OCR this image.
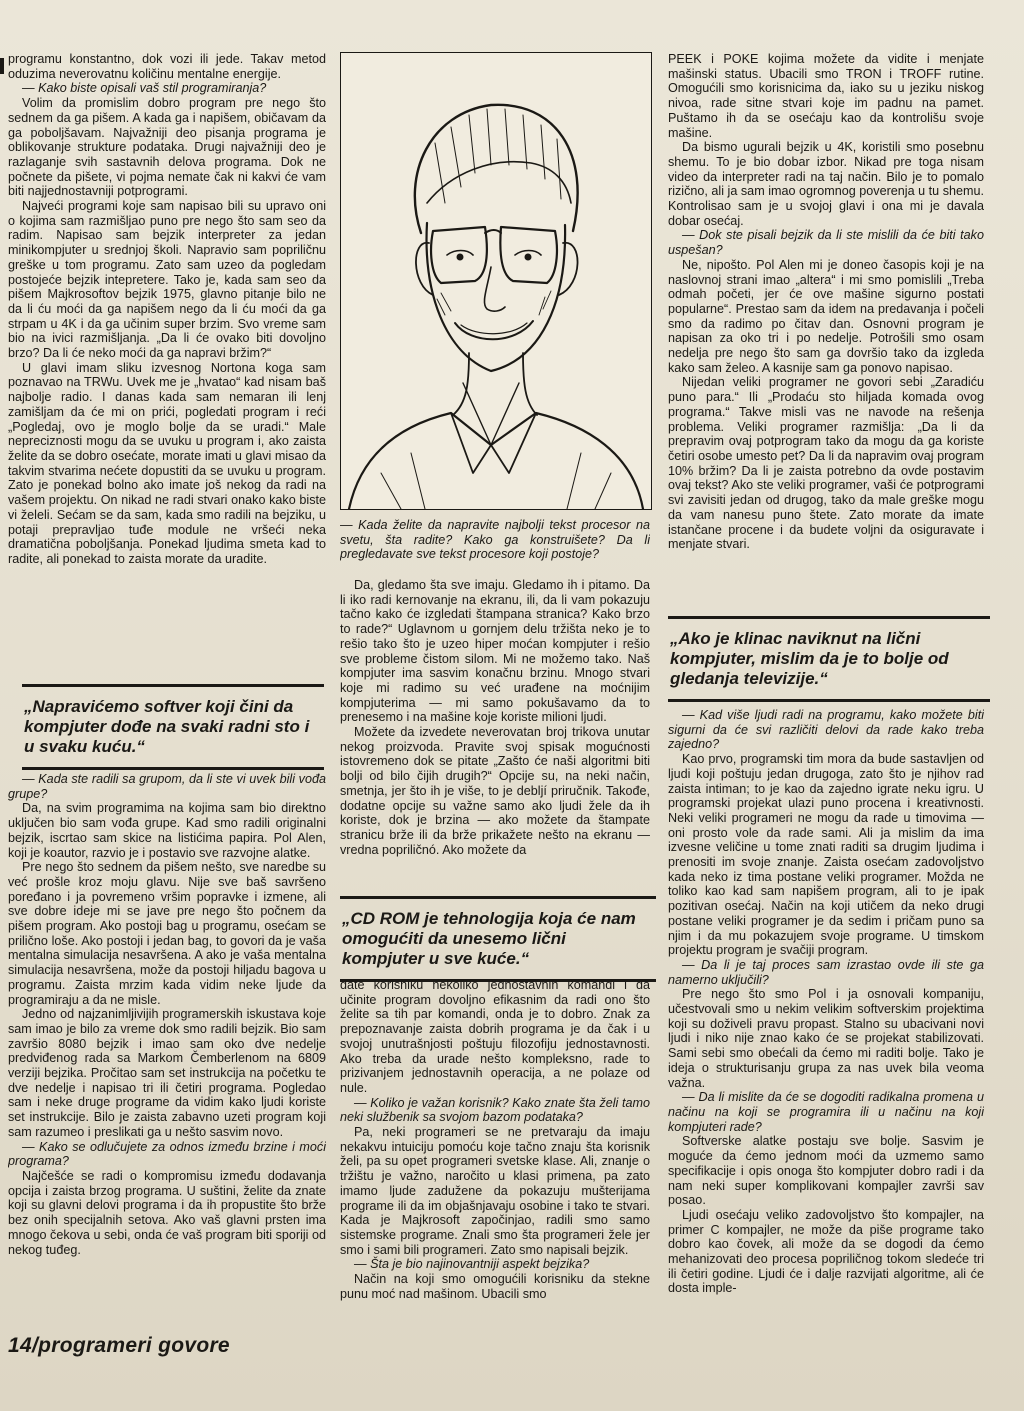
programu konstantno, dok vozi ili jede. Takav metod oduzima neverovatnu količinu mentalne energije.

— Kako biste opisali vaš stil programiranja?

Volim da promislim dobro program pre nego što sednem da ga pišem. A kada ga i napišem, običavam da ga poboljšavam. Najvažniji deo pisanja programa je oblikovanje strukture podataka. Drugi najvažniji deo je razlaganje svih sastavnih delova programa. Dok ne počnete da pišete, vi pojma nemate čak ni kakvi će vam biti najjednostavniji potprogrami.

Najveći programi koje sam napisao bili su upravo oni o kojima sam razmišljao puno pre nego što sam seo da radim. Napisao sam bejzik interpreter za jedan minikompjuter u srednjoj školi. Napravio sam popriličnu greške u tom programu. Zato sam uzeo da pogledam postojeće bejzik intepretere. Tako je, kada sam seo da pišem Majkrosoftov bejzik 1975, glavno pitanje bilo ne da li ću moći da ga napišem nego da li ću moći da ga strpam u 4K i da ga učinim super brzim. Svo vreme sam bio na ivici razmišljanja. „Da li će ovako biti dovoljno brzo? Da li će neko moći da ga napravi bržim?“

U glavi imam sliku izvesnog Nortona koga sam poznavao na TRWu. Uvek me je „hvatao“ kad nisam baš najbolje radio. I danas kada sam nemaran ili lenj zamišljam da će mi on prići, pogledati program i reći „Pogledaj, ovo je moglo bolje da se uradi.“ Male nepreciznosti mogu da se uvuku u program i, ako zaista želite da se dobro osećate, morate imati u glavi misao da takvim stvarima nećete dopustiti da se uvuku u program. Zato je ponekad bolno ako imate još nekog da radi na vašem projektu. On nikad ne radi stvari onako kako biste vi želeli. Sećam se da sam, kada smo radili na bejziku, u potaji prepravljao tuđe module ne vršeći neka dramatična poboljšanja. Ponekad ljudima smeta kad to radite, ali ponekad to zaista morate da uradite.

„Napravićemo softver koji čini da kompjuter dođe na svaki radni sto i u svaku kuću.“

— Kada ste radili sa grupom, da li ste vi uvek bili vođa grupe?

Da, na svim programima na kojima sam bio direktno uključen bio sam vođa grupe. Kad smo radili originalni bejzik, iscrtao sam skice na listićima papira. Pol Alen, koji je koautor, razvio je i postavio sve razvojne alatke.

Pre nego što sednem da pišem nešto, sve naredbe su već prošle kroz moju glavu. Nije sve baš savršeno poređano i ja povremeno vršim popravke i izmene, ali sve dobre ideje mi se jave pre nego što počnem da pišem program. Ako postoji bag u programu, osećam se prilično loše. Ako postoji i jedan bag, to govori da je vaša mentalna simulacija nesavršena. A ako je vaša mentalna simulacija nesavršena, može da postoji hiljadu bagova u programu. Zaista mrzim kada vidim neke ljude da programiraju a da ne misle.

Jedno od najzanimljivijih programerskih iskustava koje sam imao je bilo za vreme dok smo radili bejzik. Bio sam završio 8080 bejzik i imao sam oko dve nedelje predviđenog rada sa Markom Čemberlenom na 6809 verziji bejzika. Pročitao sam set instrukcija na početku te dve nedelje i napisao tri ili četiri programa. Pogledao sam i neke druge programe da vidim kako ljudi koriste set instrukcije. Bilo je zaista zabavno uzeti program koji sam razumeo i preslikati ga u nešto sasvim novo.

— Kako se odlučujete za odnos između brzine i moći programa?

Najčešće se radi o kompromisu između dodavanja opcija i zaista brzog programa. U suštini, želite da znate koji su glavni delovi programa i da ih propustite što brže bez onih specijalnih setova. Ako vaš glavni prsten ima mnogo čekova u sebi, onda će vaš program biti sporiji od nekog tuđeg.

— Kada želite da napravite najbolji tekst procesor na svetu, šta radite? Kako ga konstruišete? Da li pregledavate sve tekst procesore koji postoje?

Da, gledamo šta sve imaju. Gledamo ih i pitamo. Da li iko radi kernovanje na ekranu, ili, da li vam pokazuju tačno kako će izgledati štampana stranica? Kako brzo to rade?“ Uglavnom u gornjem delu tržišta neko je to rešio tako što je uzeo hiper moćan kompjuter i rešio sve probleme čistom silom. Mi ne možemo tako. Naš kompjuter ima sasvim konačnu brzinu. Mnogo stvari koje mi radimo su već urađene na moćnijim kompjuterima — mi samo pokušavamo da to prenesemo i na mašine koje koriste milioni ljudi.

Možete da izvedete neverovatan broj trikova unutar nekog proizvoda. Pravite svoj spisak mogućnosti istovremeno dok se pitate „Zašto će naši algoritmi biti bolji od bilo čijih drugih?“ Opcije su, na neki način, smetnja, jer što ih je više, to je debljí priručnik. Takođe, dodatne opcije su važne samo ako ljudi žele da ih koriste, dok je brzina — ako možete da štampate stranicu brže ili da brže prikažete nešto na ekranu — vredna popriličnó. Ako možete da

„CD ROM je tehnologija koja će nam omogućiti da unesemo lični kompjuter u sve kuće.“

date korisniku nekoliko jednostavnih komandi i da učinite program dovoljno efikasnim da radi ono što želite sa tih par komandi, onda je to dobro. Znak za prepoznavanje zaista dobrih programa je da čak i u svojoj unutrašnjosti poštuju filozofiju jednostavnosti. Ako treba da urade nešto kompleksno, rade to prizivanjem jednostavnih operacija, a ne polaze od nule.

— Koliko je važan korisnik? Kako znate šta želi tamo neki službenik sa svojom bazom podataka?

Pa, neki programeri se ne pretvaraju da imaju nekakvu intuiciju pomoću koje tačno znaju šta korisnik želi, pa su opet programeri svetske klase. Ali, znanje o tržištu je važno, naročito u klasi primena, pa zato imamo ljude zadužene da pokazuju mušterijama programe ili da im objašnjavaju osobine i tako te stvari. Kada je Majkrosoft započinjao, radili smo samo sistemske programe. Znali smo šta programeri žele jer smo i sami bili programeri. Zato smo napisali bejzik.

— Šta je bio najinovantniji aspekt bejzika?

Način na koji smo omogućili korisniku da stekne punu moć nad mašinom. Ubacili smo

PEEK i POKE kojima možete da vidite i menjate mašinski status. Ubacili smo TRON i TROFF rutine. Omogućili smo korisnicima da, iako su u jeziku niskog nivoa, rade sitne stvari koje im padnu na pamet. Puštamo ih da se osećaju kao da kontrolišu svoje mašine.

Da bismo ugurali bejzik u 4K, koristili smo posebnu shemu. To je bio dobar izbor. Nikad pre toga nisam video da interpreter radi na taj način. Bilo je to pomalo rizično, ali ja sam imao ogromnog poverenja u tu shemu. Kontrolisao sam je u svojoj glavi i ona mi je davala dobar osećaj.

— Dok ste pisali bejzik da li ste mislili da će biti tako uspešan?

Ne, nipošto. Pol Alen mi je doneo časopis koji je na naslovnoj strani imao „altera“ i mi smo pomislili „Treba odmah početi, jer će ove mašine sigurno postati popularne“. Prestao sam da idem na predavanja i počeli smo da radimo po čitav dan. Osnovni program je napisan za oko tri i po nedelje. Potrošili smo osam nedelja pre nego što sam ga dovršio tako da izgleda kako sam želeo. A kasnije sam ga ponovo napisao.

Nijedan veliki programer ne govori sebi „Zaradiću puno para.“ Ili „Prodaću sto hiljada komada ovog programa.“ Takve misli vas ne navode na rešenja problema. Veliki programer razmišlja: „Da li da prepravim ovaj potprogram tako da mogu da ga koriste četiri osobe umesto pet? Da li da napravim ovaj program 10% bržim? Da li je zaista potrebno da ovde postavim ovaj tekst? Ako ste veliki programer, vaši će potprogrami svi zavisiti jedan od drugog, tako da male greške mogu da vam nanesu puno štete. Zato morate da imate istančane procene i da budete voljni da osiguravate i menjate stvari.

„Ako je klinac naviknut na lični kompjuter, mislim da je to bolje od gledanja televizije.“

— Kad više ljudi radi na programu, kako možete biti sigurni da će svi različiti delovi da rade kako treba zajedno?

Kao prvo, programski tim mora da bude sastavljen od ljudi koji poštuju jedan drugoga, zato što je njihov rad zaista intiman; to je kao da zajedno igrate neku igru. U programski projekat ulazi puno procena i kreativnosti. Neki veliki programeri ne mogu da rade u timovima — oni prosto vole da rade sami. Ali ja mislim da ima izvesne veličine u tome znati raditi sa drugim ljudima i prenositi im svoje znanje. Zaista osećam zadovoljstvo kada neko iz tima postane veliki programer. Možda ne toliko kao kad sam napišem program, ali to je ipak pozitivan osećaj. Način na koji utičem da neko drugi postane veliki programer je da sedim i pričam puno sa njim i da mu pokazujem svoje programe. U timskom projektu program je svačiji program.

— Da li je taj proces sam izrastao ovde ili ste ga namerno uključili?

Pre nego što smo Pol i ja osnovali kompaniju, učestvovali smo u nekim velikim softverskim projektima koji su doživeli pravu propast. Stalno su ubacivani novi ljudi i niko nije znao kako će se projekat stabilizovati. Sami sebi smo obećali da ćemo mi raditi bolje. Tako je ideja o strukturisanju grupa za nas uvek bila veoma važna.

— Da li mislite da će se dogoditi radikalna promena u načinu na koji se programira ili u načinu na koji kompjuteri rade?

Softverske alatke postaju sve bolje. Sasvim je moguće da ćemo jednom moći da uzmemo samo specifikacije i opis onoga što kompjuter dobro radi i da nam neki super komplikovani kompajler završi sav posao.

Ljudi osećaju veliko zadovoljstvo što kompajler, na primer C kompajler, ne može da piše programe tako dobro kao čovek, ali može da se dogodi da ćemo mehanizovati deo procesa popriličnog tokom sledeće tri ili četiri godine. Ljudi će i dalje razvijati algoritme, ali će dosta imple-

14/programeri govore
